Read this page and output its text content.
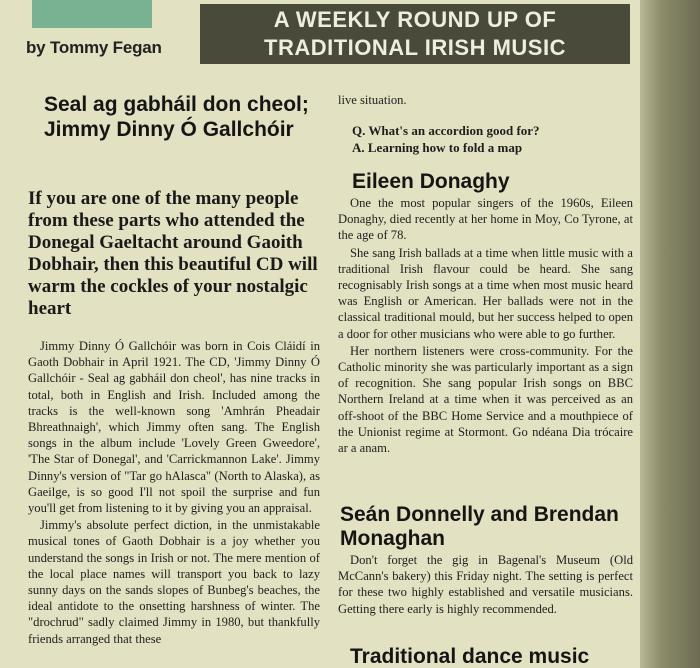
by Tommy Fegan
A WEEKLY ROUND UP OF
TRADITIONAL IRISH MUSIC
Seal ag gabháil don cheol; Jimmy Dinny Ó Gallchóir
If you are one of the many people from these parts who attended the Donegal Gaeltacht around Gaoith Dobhair, then this beautiful CD will warm the cockles of your nostalgic heart

Jimmy Dinny Ó Gallchóir was born in Cois Cláidí in Gaoth Dobhair in April 1921. The CD, 'Jimmy Dinny Ó Gallchóir - Seal ag gabháil don cheol', has nine tracks in total, both in English and Irish. Included among the tracks is the well-known song 'Amhrán Pheadair Bhreathnaigh', which Jimmy often sang. The English songs in the album include 'Lovely Green Gweedore', 'The Star of Donegal', and 'Carrickmannon Lake'. Jimmy Dinny's version of "Tar go hAlasca" (North to Alaska), as Gaeilge, is so good I'll not spoil the surprise and fun you'll get from listening to it by giving you an appraisal.

Jimmy's absolute perfect diction, in the unmistakable musical tones of Gaoth Dobhair is a joy whether you understand the songs in Irish or not. The mere mention of the local place names will transport you back to lazy sunny days on the sands slopes of Bunbeg's beaches, the ideal antidote to the onsetting harshness of winter. The "drochrud" sadly claimed Jimmy in 1980, but thankfully friends arranged that these

live situation.

Q. What's an accordion good for?
A. Learning how to fold a map
Eileen Donaghy

One the most popular singers of the 1960s, Eileen Donaghy, died recently at her home in Moy, Co Tyrone, at the age of 78.

She sang Irish ballads at a time when little music with a traditional Irish flavour could be heard. She sang recognisably Irish songs at a time when most music heard was English or American. Her ballads were not in the classical traditional mould, but her success helped to open a door for other musicians who were able to go further.

Her northern listeners were cross-community. For the Catholic minority she was particularly important as a sign of recognition. She sang popular Irish songs on BBC Northern Ireland at a time when it was perceived as an off-shoot of the BBC Home Service and a mouthpiece of the Unionist regime at Stormont. Go ndéana Dia trócaire ar a anam.

Seán Donnelly and Brendan Monaghan

Don't forget the gig in Bagenal's Museum (Old McCann's bakery) this Friday night. The setting is perfect for these two highly established and versatile musicians. Getting there early is highly recommended.

Traditional dance music
